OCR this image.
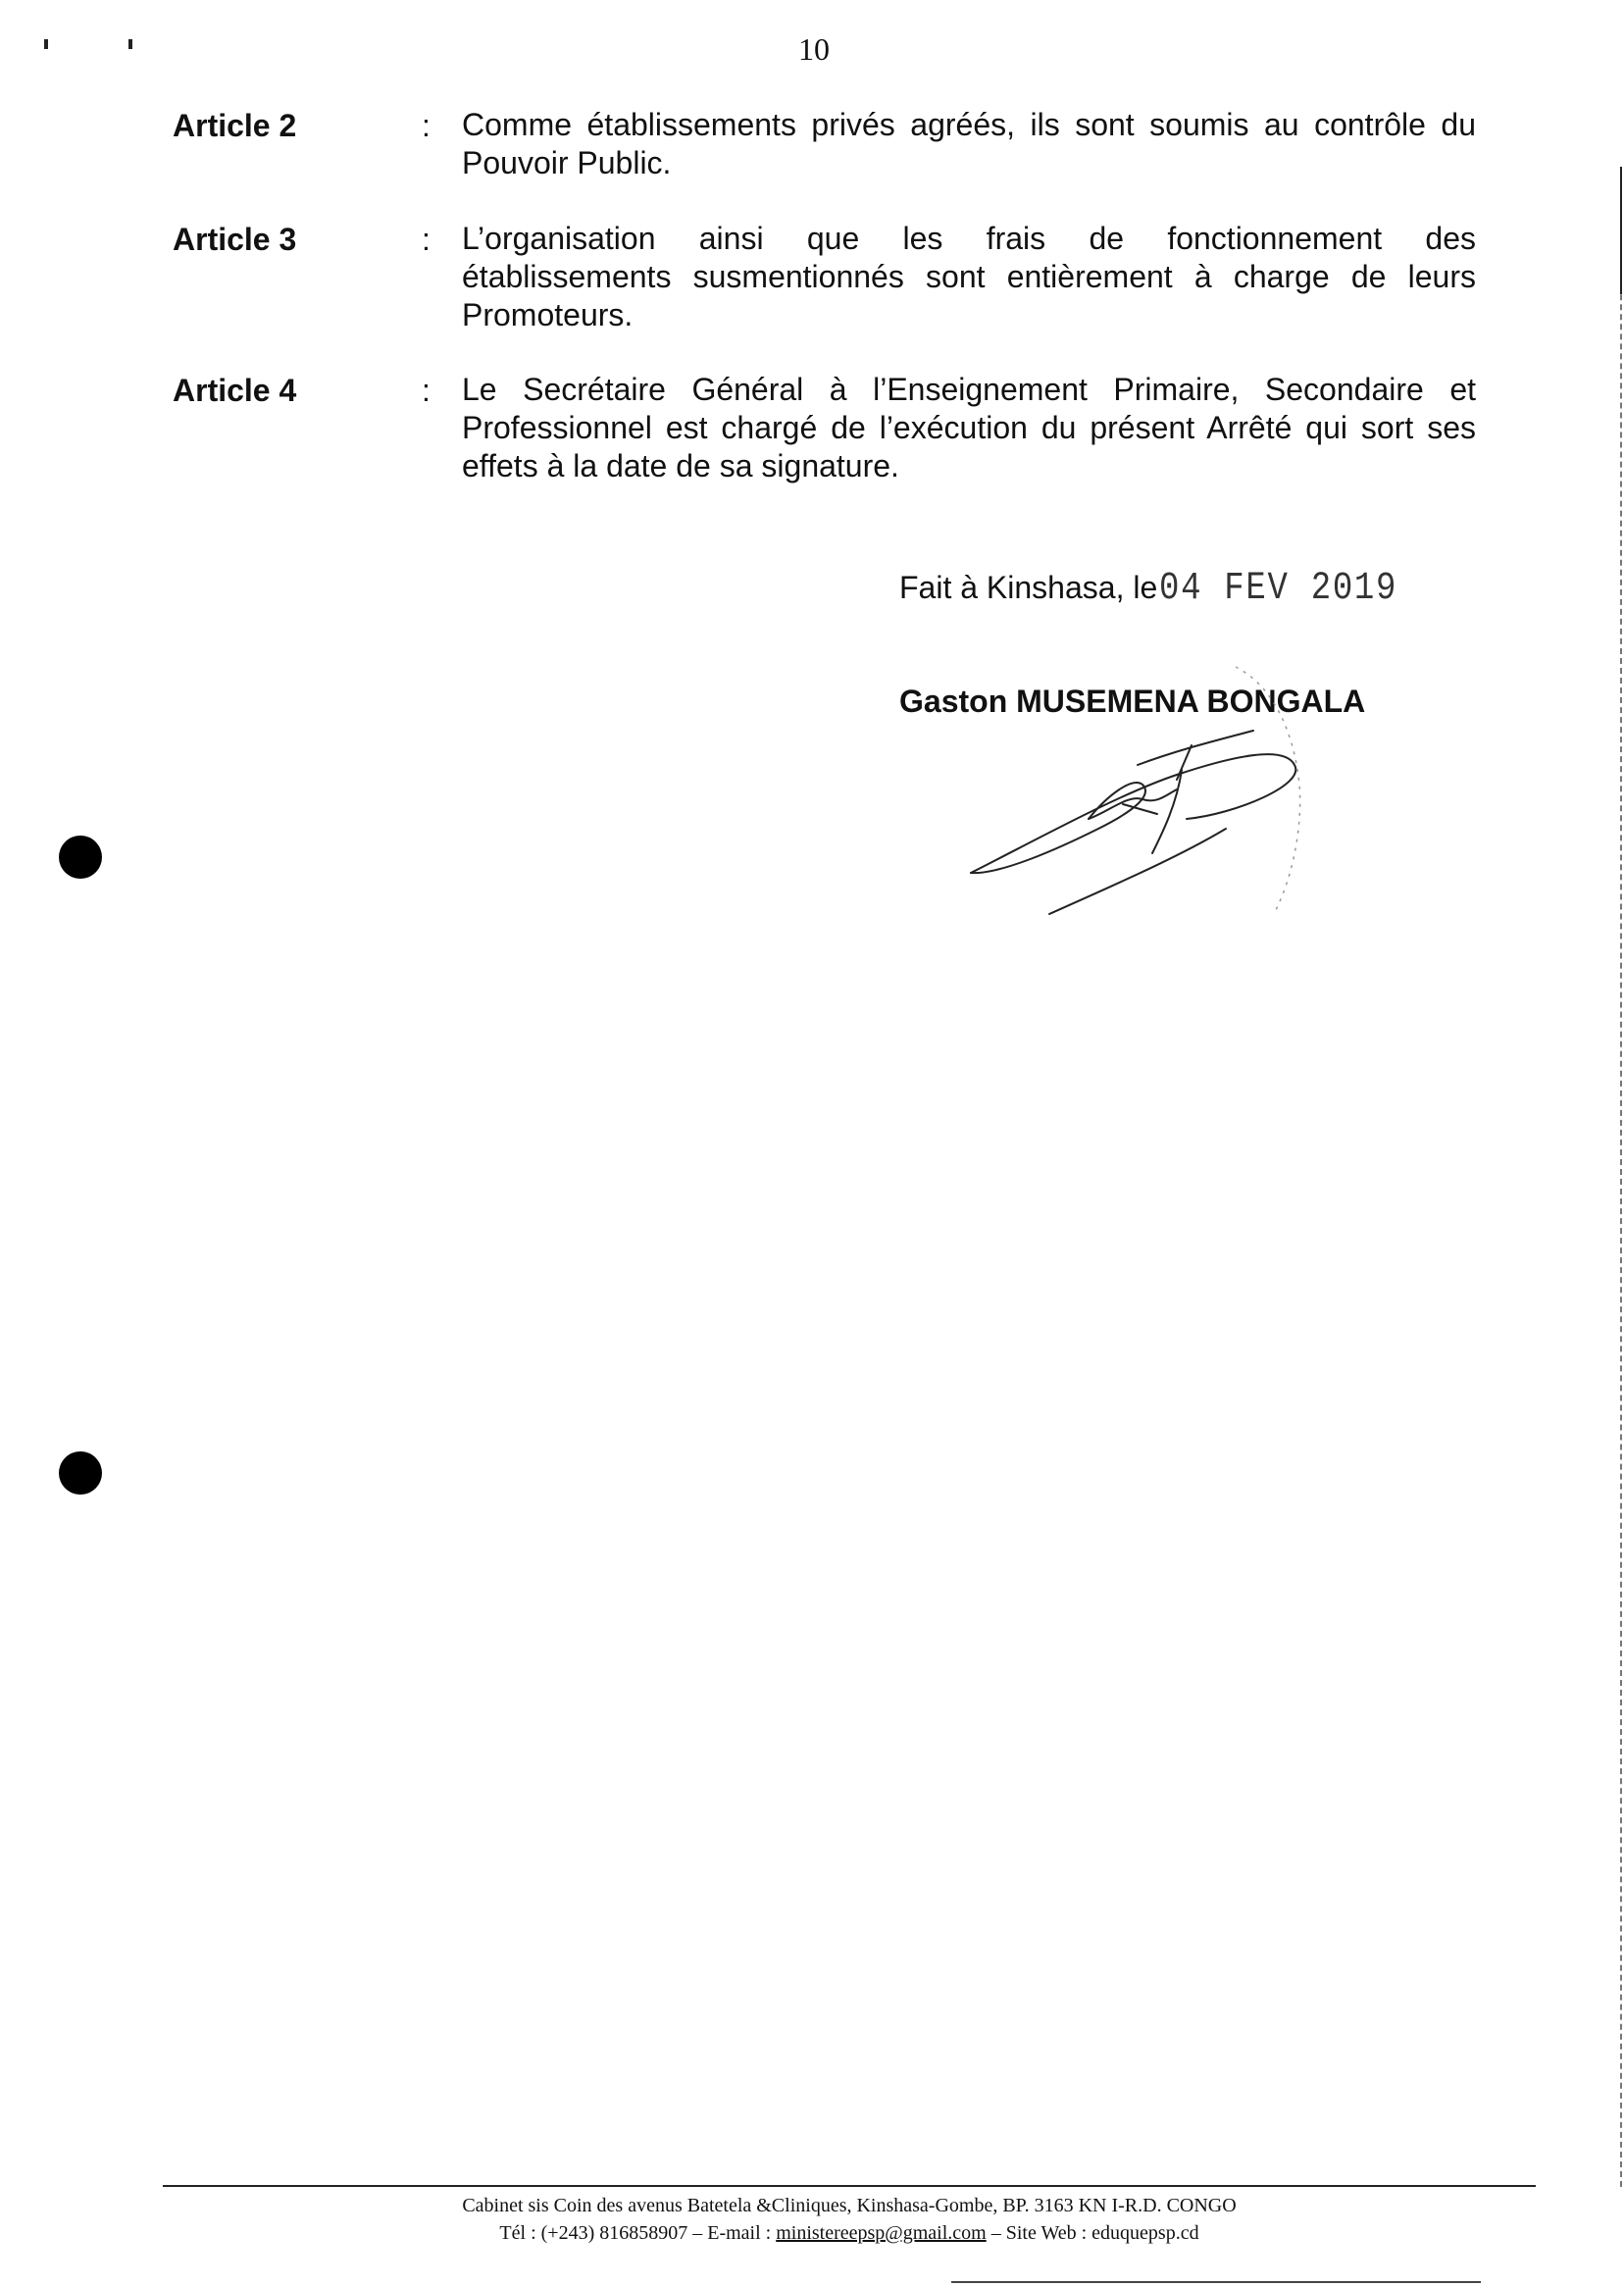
10
Article 2	: Comme établissements privés agréés, ils sont soumis au contrôle du
Pouvoir Public.
Article 3	: L’organisation ainsi que les frais de fonctionnement des
établissements susmentionnés sont entièrement à charge de leurs
Promoteurs.
Article 4	: Le Secrétaire Général à l’Enseignement Primaire, Secondaire et
Professionnel est chargé de l’exécution du présent Arrêté qui sort ses
effets à la date de sa signature.
Fait à Kinshasa, le04 FEV 2019
Gaston MUSEMENA BONGALA
Cabinet sis Coin des avenus Batetela &Cliniques, Kinshasa-Gombe, BP. 3163 KN I-R.D. CONGO
Tél : (+243) 816858907 – E-mail : ministereepsp@gmail.com – Site Web : eduquepsp.cd
